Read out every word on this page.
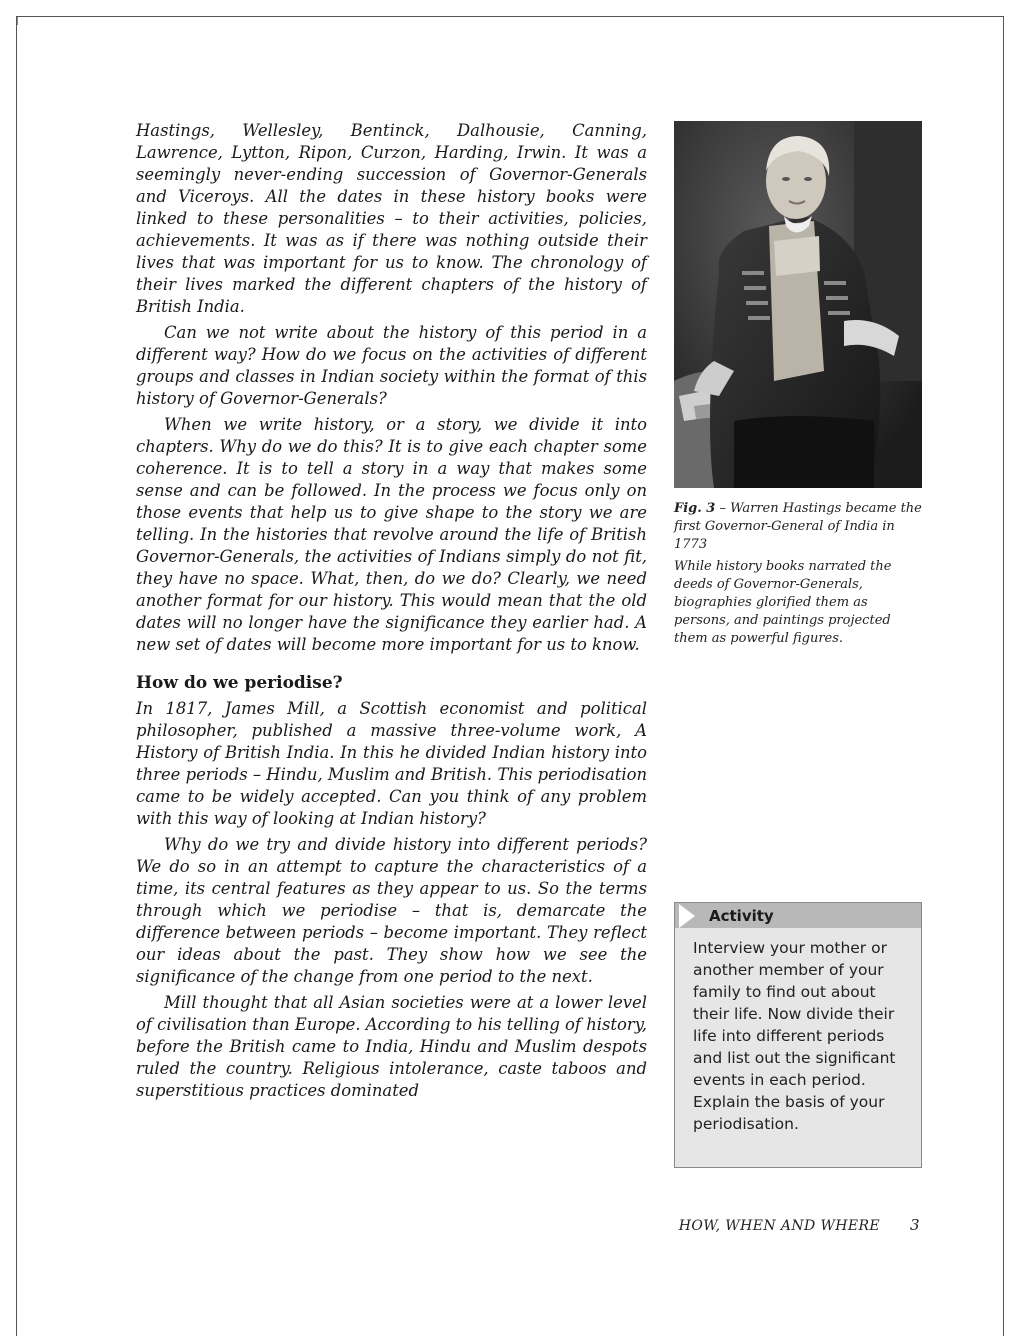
Hastings, Wellesley, Bentinck, Dalhousie, Canning, Lawrence, Lytton, Ripon, Curzon, Harding, Irwin. It was a seemingly never-ending succession of Governor-Generals and Viceroys. All the dates in these history books were linked to these personalities – to their activities, policies, achievements. It was as if there was nothing outside their lives that was important for us to know. The chronology of their lives marked the different chapters of the history of British India.

Can we not write about the history of this period in a different way? How do we focus on the activities of different groups and classes in Indian society within the format of this history of Governor-Generals?

When we write history, or a story, we divide it into chapters. Why do we do this? It is to give each chapter some coherence. It is to tell a story in a way that makes some sense and can be followed. In the process we focus only on those events that help us to give shape to the story we are telling. In the histories that revolve around the life of British Governor-Generals, the activities of Indians simply do not fit, they have no space. What, then, do we do? Clearly, we need another format for our history. This would mean that the old dates will no longer have the significance they earlier had. A new set of dates will become more important for us to know.

How do we periodise?

In 1817, James Mill, a Scottish economist and political philosopher, published a massive three-volume work, A History of British India. In this he divided Indian history into three periods – Hindu, Muslim and British. This periodisation came to be widely accepted. Can you think of any problem with this way of looking at Indian history?

Why do we try and divide history into different periods? We do so in an attempt to capture the characteristics of a time, its central features as they appear to us. So the terms through which we periodise – that is, demarcate the difference between periods – become important. They reflect our ideas about the past. They show how we see the significance of the change from one period to the next.

Mill thought that all Asian societies were at a lower level of civilisation than Europe. According to his telling of history, before the British came to India, Hindu and Muslim despots ruled the country. Religious intolerance, caste taboos and superstitious practices dominated

Fig. 3 – Warren Hastings became the first Governor-General of India in 1773

While history books narrated the deeds of Governor-Generals, biographies glorified them as persons, and paintings projected them as powerful figures.

Activity
Interview your mother or another member of your family to find out about their life. Now divide their life into different periods and list out the significant events in each period. Explain the basis of your periodisation.
HOW, WHEN AND WHERE 3
